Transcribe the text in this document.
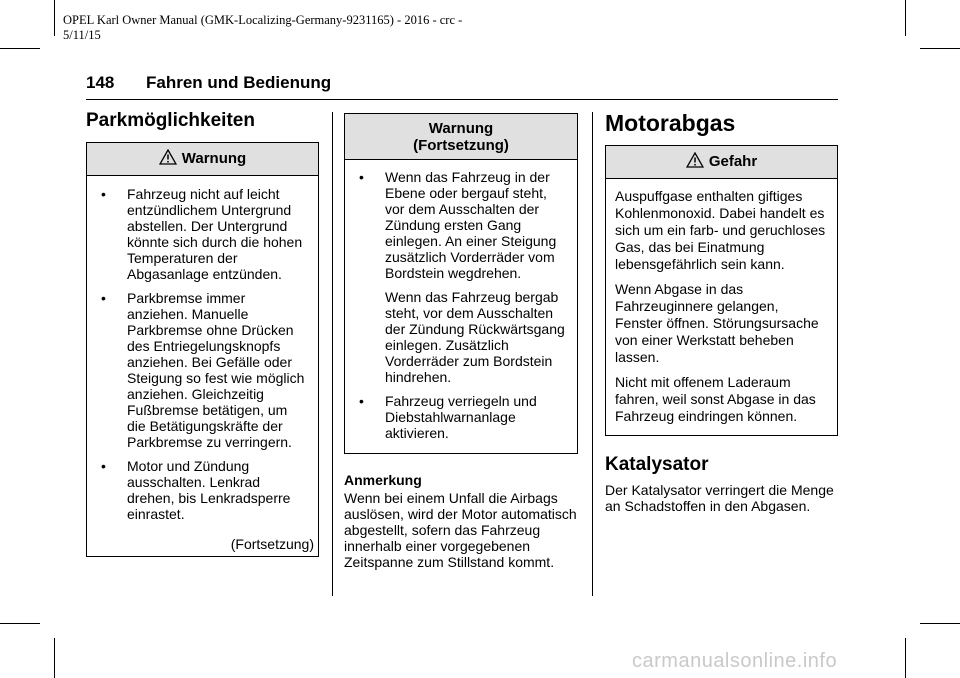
OPEL Karl Owner Manual (GMK-Localizing-Germany-9231165) - 2016 - crc -
5/11/15
148 Fahren und Bedienung
Parkmöglichkeiten
Warnung
• Fahrzeug nicht auf leicht entzündlichem Untergrund abstellen. Der Untergrund könnte sich durch die hohen Temperaturen der Abgasanlage entzünden.
• Parkbremse immer anziehen. Manuelle Parkbremse ohne Drücken des Entriegelungsknopfs anziehen. Bei Gefälle oder Steigung so fest wie möglich anziehen. Gleichzeitig Fußbremse betätigen, um die Betätigungskräfte der Parkbremse zu verringern.
• Motor und Zündung ausschalten. Lenkrad drehen, bis Lenkradsperre einrastet.
(Fortsetzung)
Warnung
(Fortsetzung)
• Wenn das Fahrzeug in der Ebene oder bergauf steht, vor dem Ausschalten der Zündung ersten Gang einlegen. An einer Steigung zusätzlich Vorderräder vom Bordstein wegdrehen.
Wenn das Fahrzeug bergab steht, vor dem Ausschalten der Zündung Rückwärtsgang einlegen. Zusätzlich Vorderräder zum Bordstein hindrehen.
• Fahrzeug verriegeln und Diebstahlwarnanlage aktivieren.
Anmerkung
Wenn bei einem Unfall die Airbags auslösen, wird der Motor automatisch abgestellt, sofern das Fahrzeug innerhalb einer vorgegebenen Zeitspanne zum Stillstand kommt.
Motorabgas
Gefahr

Auspuffgase enthalten giftiges Kohlenmonoxid. Dabei handelt es sich um ein farb- und geruchloses Gas, das bei Einatmung lebensgefährlich sein kann.

Wenn Abgase in das Fahrzeuginnere gelangen, Fenster öffnen. Störungsursache von einer Werkstatt beheben lassen.

Nicht mit offenem Laderaum fahren, weil sonst Abgase in das Fahrzeug eindringen können.

Katalysator
Der Katalysator verringert die Menge an Schadstoffen in den Abgasen.
carmanualsonline.info
